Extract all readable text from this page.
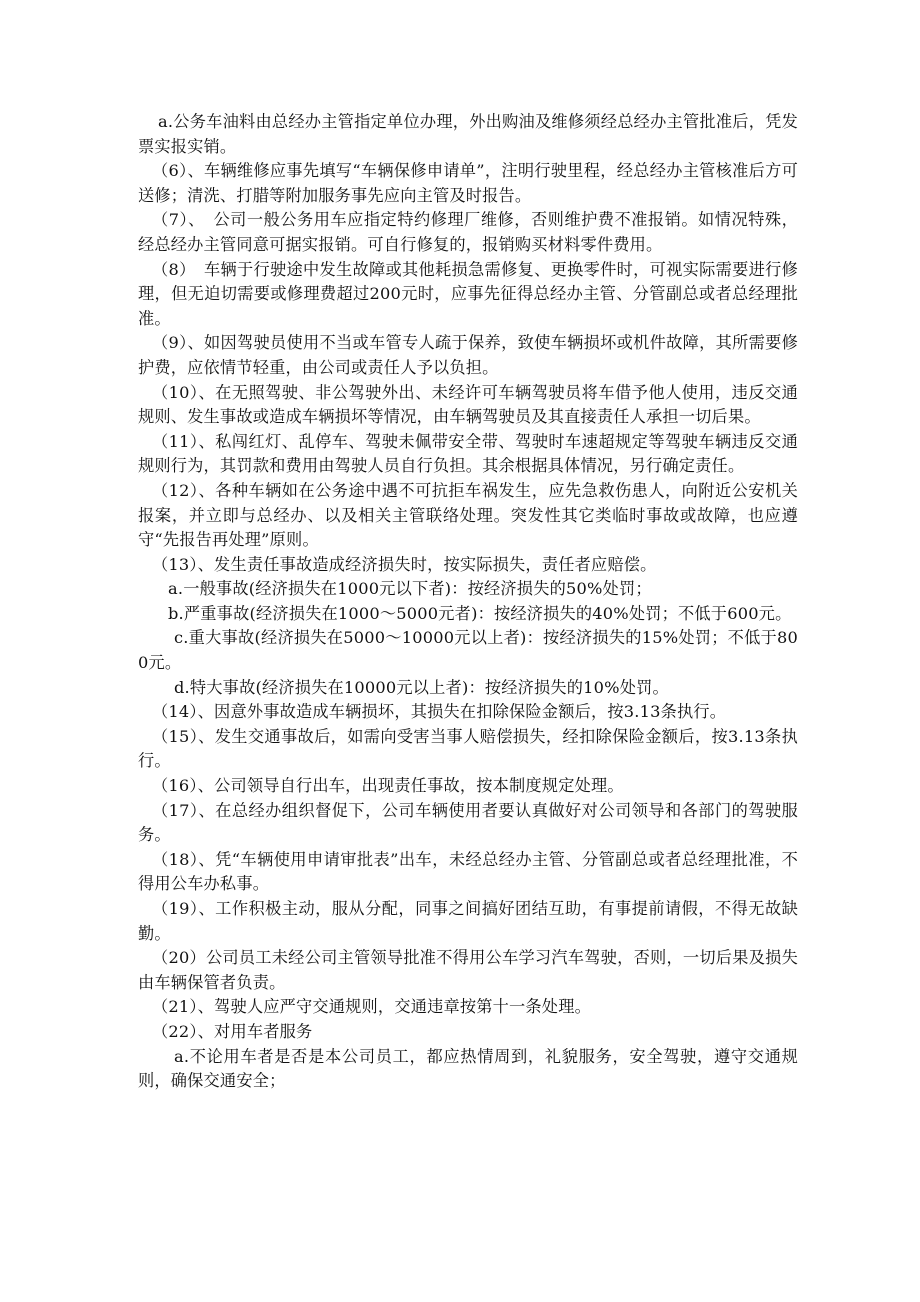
a.公务车油料由总经办主管指定单位办理，外出购油及维修须经总经办主管批准后，凭发票实报实销。

（6）、车辆维修应事先填写“车辆保修申请单”，注明行驶里程，经总经办主管核准后方可送修；清洗、打腊等附加服务事先应向主管及时报告。

（7）、　公司一般公务用车应指定特约修理厂维修，否则维护费不准报销。如情况特殊，经总经办主管同意可据实报销。可自行修复的，报销购买材料零件费用。

（8）　车辆于行驶途中发生故障或其他耗损急需修复、更换零件时，可视实际需要进行修理，但无迫切需要或修理费超过200元时，应事先征得总经办主管、分管副总或者总经理批准。

（9）、如因驾驶员使用不当或车管专人疏于保养，致使车辆损坏或机件故障，其所需要修护费，应依情节轻重，由公司或责任人予以负担。

（10）、在无照驾驶、非公驾驶外出、未经许可车辆驾驶员将车借予他人使用，违反交通规则、发生事故或造成车辆损坏等情况，由车辆驾驶员及其直接责任人承担一切后果。

（11）、私闯红灯、乱停车、驾驶未佩带安全带、驾驶时车速超规定等驾驶车辆违反交通规则行为，其罚款和费用由驾驶人员自行负担。其余根据具体情况，另行确定责任。

（12）、各种车辆如在公务途中遇不可抗拒车祸发生，应先急救伤患人，向附近公安机关报案，并立即与总经办、以及相关主管联络处理。突发性其它类临时事故或故障，也应遵守“先报告再处理”原则。

（13）、发生责任事故造成经济损失时，按实际损失，责任者应赔偿。

a.一般事故(经济损失在1000元以下者)：按经济损失的50%处罚；

b.严重事故(经济损失在1000～5000元者)：按经济损失的40%处罚；不低于600元。

c.重大事故(经济损失在5000～10000元以上者)：按经济损失的15%处罚；不低于800元。

d.特大事故(经济损失在10000元以上者)：按经济损失的10%处罚。

（14）、因意外事故造成车辆损坏，其损失在扣除保险金额后，按3.13条执行。

（15）、发生交通事故后，如需向受害当事人赔偿损失，经扣除保险金额后，按3.13条执行。

（16）、公司领导自行出车，出现责任事故，按本制度规定处理。

（17）、在总经办组织督促下，公司车辆使用者要认真做好对公司领导和各部门的驾驶服务。

（18）、凭“车辆使用申请审批表”出车，未经总经办主管、分管副总或者总经理批准，不得用公车办私事。

（19）、工作积极主动，服从分配，同事之间搞好团结互助，有事提前请假，不得无故缺勤。

（20）公司员工未经公司主管领导批准不得用公车学习汽车驾驶，否则，一切后果及损失由车辆保管者负责。

（21）、驾驶人应严守交通规则，交通违章按第十一条处理。

（22）、对用车者服务

a.不论用车者是否是本公司员工，都应热情周到，礼貌服务，安全驾驶，遵守交通规则，确保交通安全；
